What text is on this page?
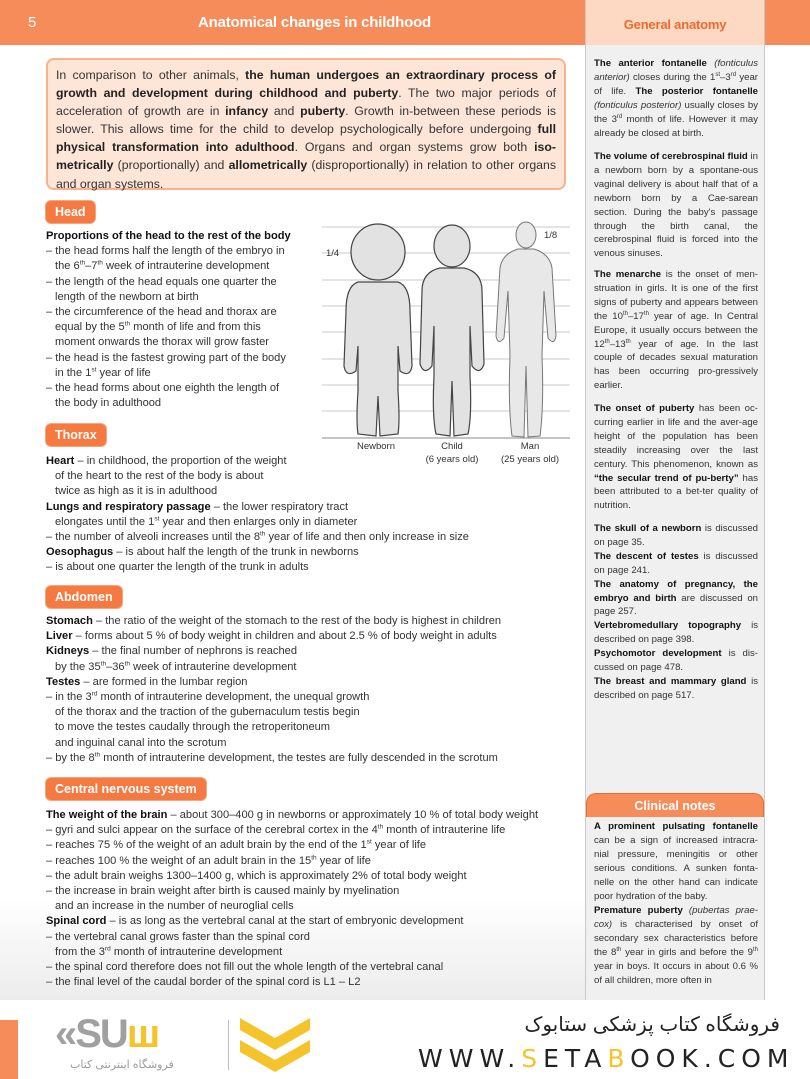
5	Anatomical changes in childhood
In comparison to other animals, the human undergoes an extraordinary process of growth and development during childhood and puberty. The two major periods of acceleration of growth are in infancy and puberty. Growth in-between these periods is slower. This allows time for the child to develop psychologically before undergoing full physical transformation into adulthood. Organs and organ systems grow both iso-metrically (proportionally) and allometrically (disproportionally) in relation to other organs and organ systems.
Head
Proportions of the head to the rest of the body
– the head forms half the length of the embryo in
the 6th–7th week of intrauterine development
– the length of the head equals one quarter the
length of the newborn at birth
– the circumference of the head and thorax are
equal by the 5th month of life and from this
moment onwards the thorax will grow faster
– the head is the fastest growing part of the body
in the 1st year of life
– the head forms about one eighth the length of
the body in adulthood
1/4
1/8
Newborn	Child
(6 years old)
Man
(25 years old)
Thorax
Heart – in childhood, the proportion of the weight
of the heart to the rest of the body is about
twice as high as it is in adulthood
Lungs and respiratory passage – the lower respiratory tract
elongates until the 1st year and then enlarges only in diameter
– the number of alveoli increases until the 8th year of life and then only increase in size
Oesophagus – is about half the length of the trunk in newborns
– is about one quarter the length of the trunk in adults
Abdomen
Stomach – the ratio of the weight of the stomach to the rest of the body is highest in children
Liver – forms about 5 % of body weight in children and about 2.5 % of body weight in adults
Kidneys – the final number of nephrons is reached
by the 35th–36th week of intrauterine development
Testes – are formed in the lumbar region
– in the 3rd month of intrauterine development, the unequal growth
of the thorax and the traction of the gubernaculum testis begin
to move the testes caudally through the retroperitoneum
and inguinal canal into the scrotum
– by the 8th month of intrauterine development, the testes are fully descended in the scrotum
Central nervous system
The weight of the brain – about 300–400 g in newborns or approximately 10 % of total body weight
– gyri and sulci appear on the surface of the cerebral cortex in the 4th month of intrauterine life
– reaches 75 % of the weight of an adult brain by the end of the 1st year of life
– reaches 100 % the weight of an adult brain in the 15th year of life
– the adult brain weighs 1300–1400 g, which is approximately 2% of total body weight
– the increase in brain weight after birth is caused mainly by myelination
and an increase in the number of neuroglial cells
Spinal cord – is as long as the vertebral canal at the start of embryonic development
– the vertebral canal grows faster than the spinal cord
from the 3rd month of intrauterine development
– the spinal cord therefore does not fill out the whole length of the vertebral canal
– the final level of the caudal border of the spinal cord is L1 – L2
General anatomy
The anterior fontanelle (fonticulus anterior) closes during the 1st–3rd year of life. The posterior fontanelle (fonticulus posterior) usually closes by the 3rd month of life. However it may already be closed at birth.
The volume of cerebrospinal fluid in a newborn born by a spontane-ous vaginal delivery is about half that of a newborn born by a Cae-sarean section. During the baby's passage through the birth canal, the cerebrospinal fluid is forced into the venous sinuses.
The menarche is the onset of men-struation in girls. It is one of the first signs of puberty and appears between the 10th–17th year of age. In Central Europe, it usually occurs between the 12th–13th year of age. In the last couple of decades sexual maturation has been occurring pro-gressively earlier.
The onset of puberty has been oc-curring earlier in life and the aver-age height of the population has been steadily increasing over the last century. This phenomenon, known as “the secular trend of pu-berty” has been attributed to a bet-ter quality of nutrition.
The skull of a newborn is discussed on page 35.
The descent of testes is discussed on page 241.
The anatomy of pregnancy, the embryo and birth are discussed on page 257.
Vertebromedullary topography is described on page 398.
Psychomotor development is dis-cussed on page 478.
The breast and mammary gland is described on page 517.
Clinical notes
A prominent pulsating fontanelle can be a sign of increased intracra-nial pressure, meningitis or other serious conditions. A sunken fonta-nelle on the other hand can indicate poor hydration of the baby.
Premature puberty (pubertas prae-cox) is characterised by onset of secondary sex characteristics before the 8th year in girls and before the 9th year in boys. It occurs in about 0.6 % of all children, more often in
«SUш
فروشگاه اینترنتی کتاب
فروشگاه کتاب پزشکی ستابوک
WWW.SETABOOK.COM
